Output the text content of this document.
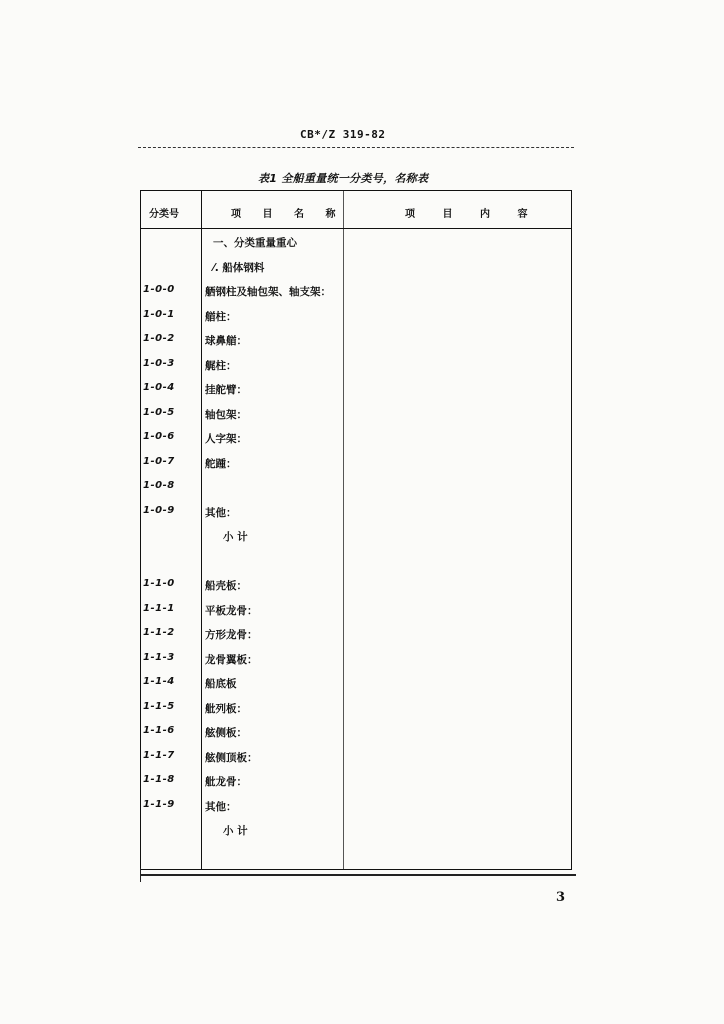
CB*/Z 319-82
表1 全船重量统一分类号，名称表
分类号	项 目 名 称	项 目 内 容
一、分类重量重心
⁄. 船体钢料
1-0-0	舾钢柱及轴包架、轴支架：
1-0-1	艏柱：
1-0-2	球鼻艏：
1-0-3	艉柱：
1-0-4	挂舵臂：
1-0-5	轴包架：
1-0-6	人字架：
1-0-7	舵踵：
1-0-8
1-0-9	其他：
小 计
1-1-0	船壳板：
1-1-1	平板龙骨：
1-1-2	方形龙骨：
1-1-3	龙骨翼板：
1-1-4	船底板
1-1-5	舭列板：
1-1-6	舷侧板：
1-1-7	舷侧顶板：
1-1-8	舭龙骨：
1-1-9	其他：
小 计
3
